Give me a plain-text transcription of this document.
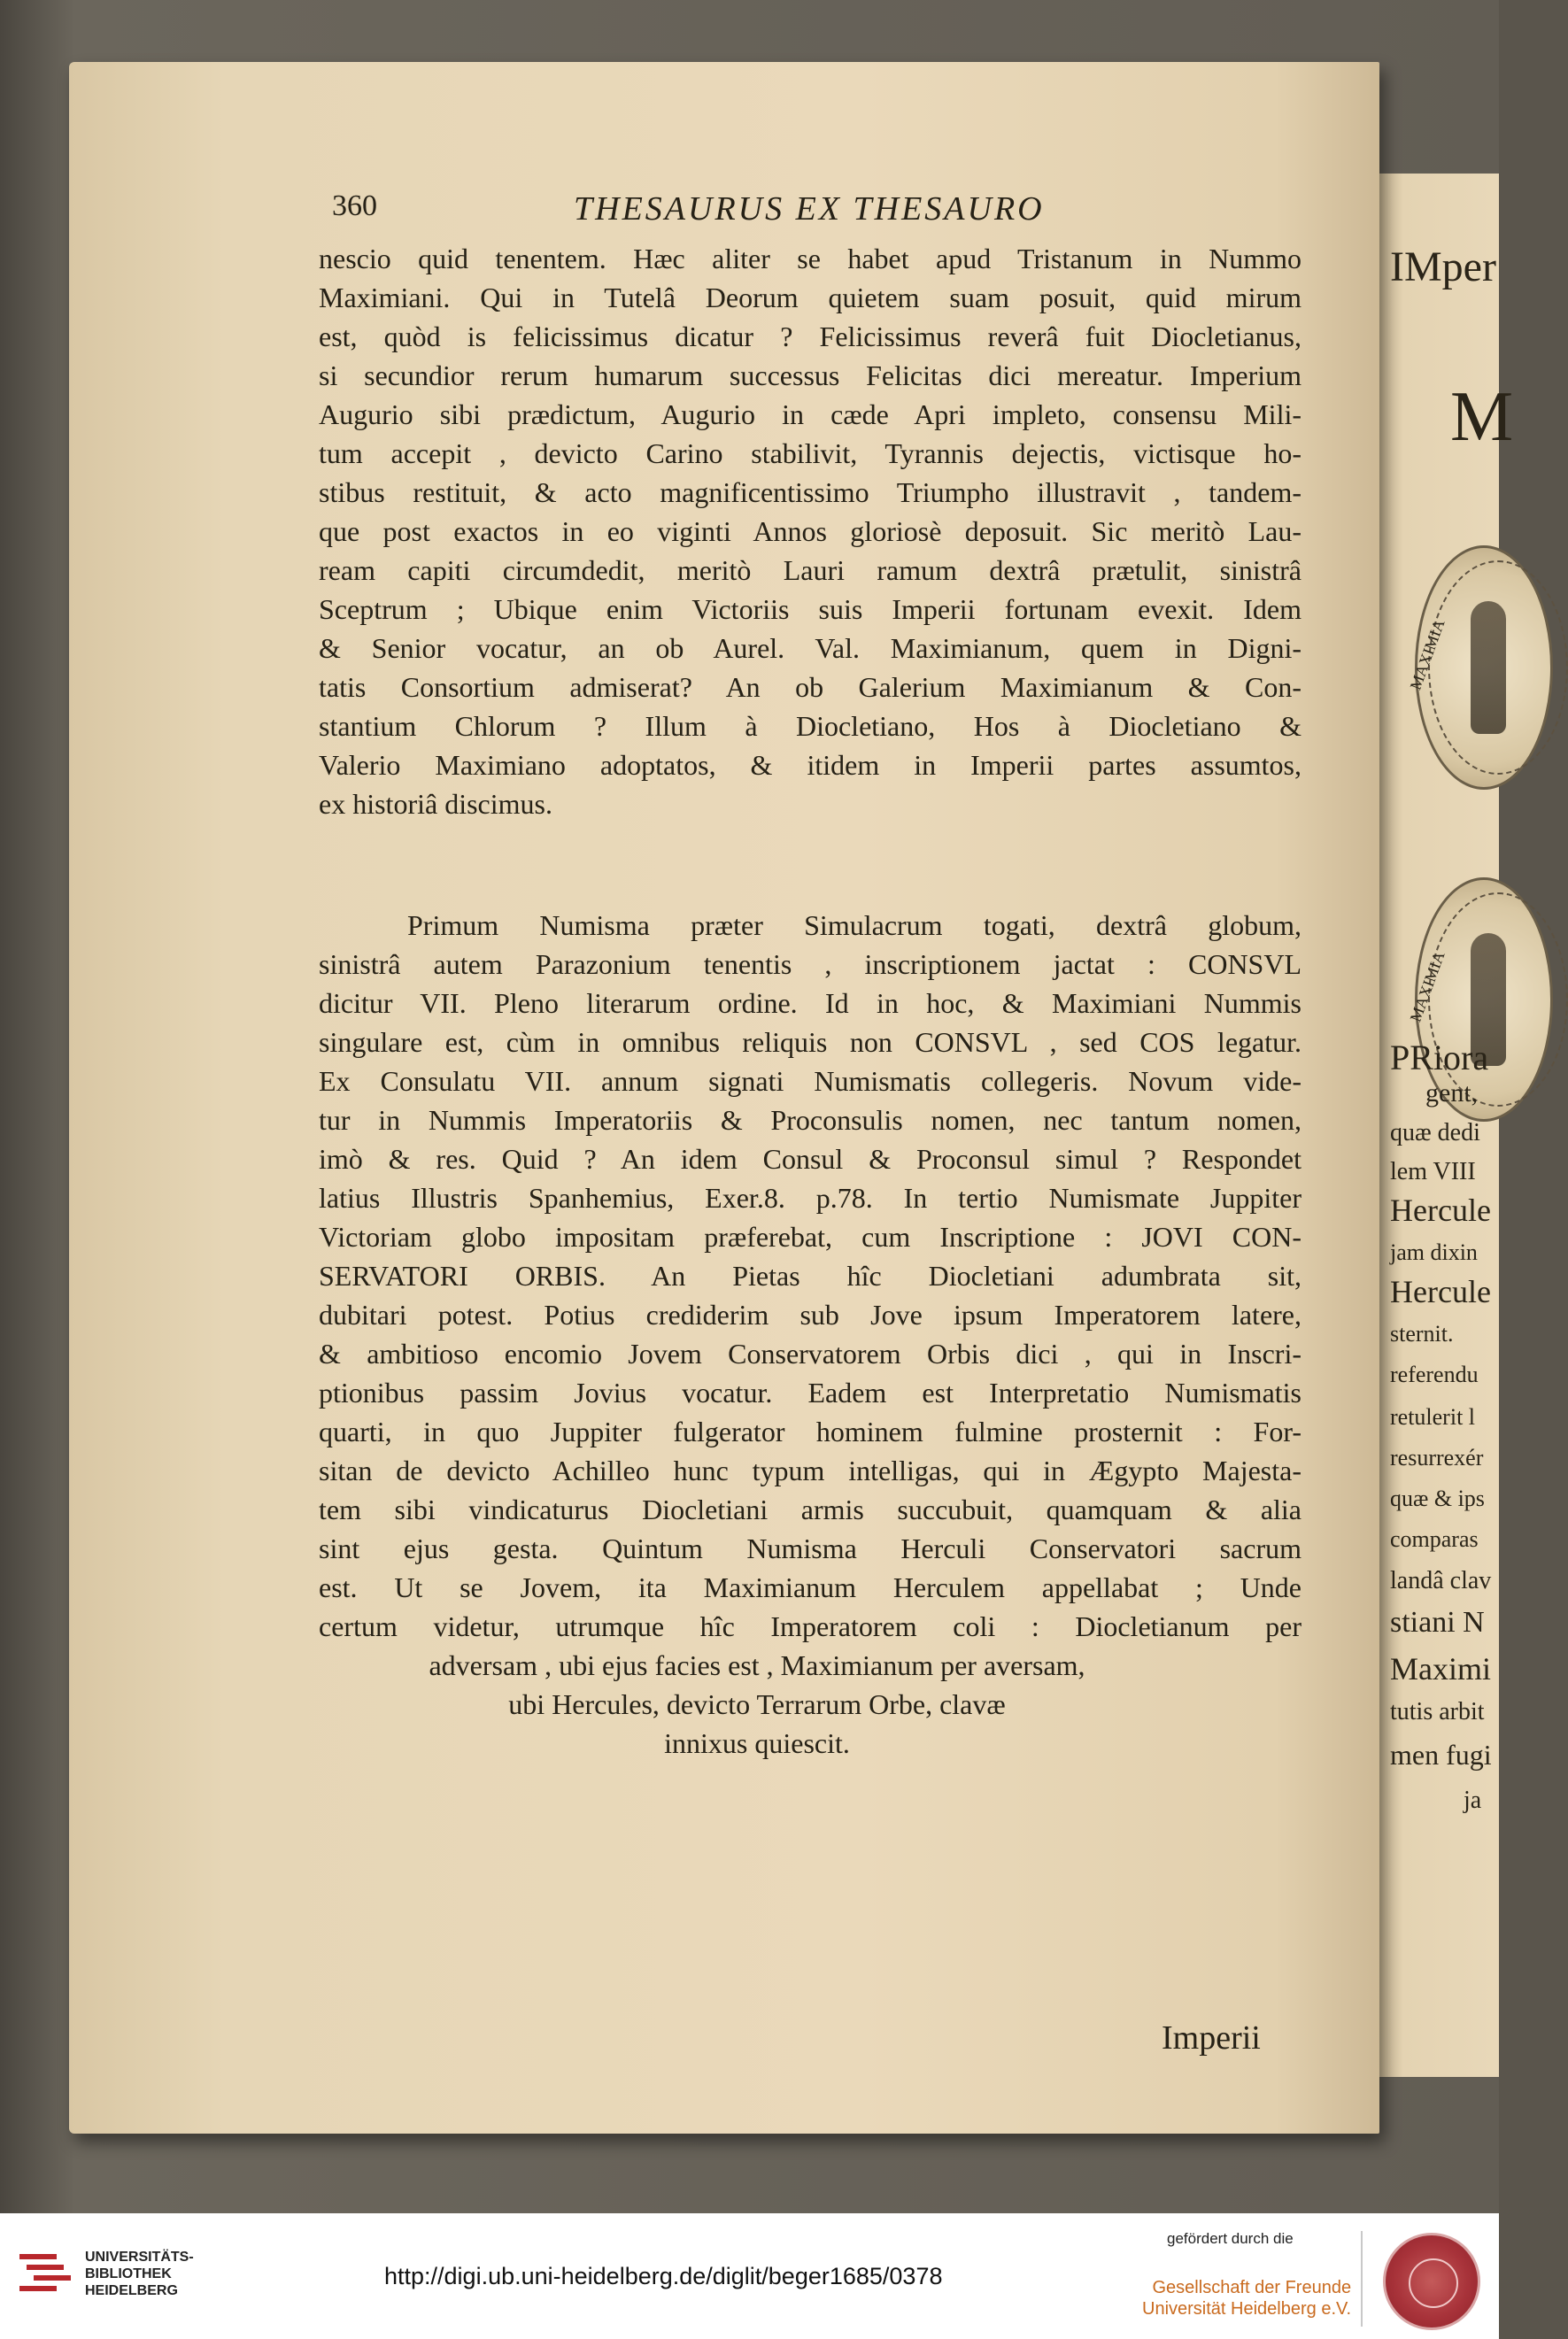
IMper
M
MAXIMIA
MAXIMIA
PRiora
gent,
quæ dedi
lem VIII
Hercule
jam dixin
Hercule
sternit.
referendu
retulerit l
resurrexér
quæ & ips
comparas
landâ clav
stiani N
Maximi
tutis arbit
men fugi
ja
360	THESAURUS EX THESAURO
nescio quid tenentem. Hæc aliter se habet apud Tristanum in Nummo
Maximiani. Qui in Tutelâ Deorum quietem suam posuit, quid mirum
est, quòd is felicissimus dicatur ? Felicissimus reverâ fuit Diocletianus,
si secundior rerum humarum successus Felicitas dici mereatur. Imperium
Augurio sibi prædictum, Augurio in cæde Apri impleto, consensu Mili-
tum accepit , devicto Carino stabilivit, Tyrannis dejectis, victisque ho-
stibus restituit, & acto magnificentissimo Triumpho illustravit , tandem-
que post exactos in eo viginti Annos gloriosè deposuit. Sic meritò Lau-
ream capiti circumdedit, meritò Lauri ramum dextrâ prætulit, sinistrâ
Sceptrum ; Ubique enim Victoriis suis Imperii fortunam evexit. Idem
& Senior vocatur, an ob Aurel. Val. Maximianum, quem in Digni-
tatis Consortium admiserat? An ob Galerium Maximianum & Con-
stantium Chlorum ? Illum à Diocletiano, Hos à Diocletiano &
Valerio Maximiano adoptatos, & itidem in Imperii partes assumtos,
ex historiâ discimus.
Primum Numisma præter Simulacrum togati, dextrâ globum,
sinistrâ autem Parazonium tenentis , inscriptionem jactat : CONSVL
dicitur VII. Pleno literarum ordine. Id in hoc, & Maximiani Nummis
singulare est, cùm in omnibus reliquis non CONSVL , sed COS legatur.
Ex Consulatu VII. annum signati Numismatis collegeris. Novum vide-
tur in Nummis Imperatoriis & Proconsulis nomen, nec tantum nomen,
imò & res. Quid ? An idem Consul & Proconsul simul ? Respondet
latius Illustris Spanhemius, Exer.8. p.78. In tertio Numismate Juppiter
Victoriam globo impositam præferebat, cum Inscriptione : JOVI CON-
SERVATORI ORBIS. An Pietas hîc Diocletiani adumbrata sit,
dubitari potest. Potius crediderim sub Jove ipsum Imperatorem latere,
& ambitioso encomio Jovem Conservatorem Orbis dici , qui in Inscri-
ptionibus passim Jovius vocatur. Eadem est Interpretatio Numismatis
quarti, in quo Juppiter fulgerator hominem fulmine prosternit : For-
sitan de devicto Achilleo hunc typum intelligas, qui in Ægypto Majesta-
tem sibi vindicaturus Diocletiani armis succubuit, quamquam & alia
sint ejus gesta. Quintum Numisma Herculi Conservatori sacrum
est. Ut se Jovem, ita Maximianum Herculem appellabat ; Unde
certum videtur, utrumque hîc Imperatorem coli : Diocletianum per
adversam , ubi ejus facies est , Maximianum per aversam,
ubi Hercules, devicto Terrarum Orbe, clavæ
innixus quiescit.
Imperii
UNIVERSITÄTS-
BIBLIOTHEK
HEIDELBERG
http://digi.ub.uni-heidelberg.de/diglit/beger1685/0378
gefördert durch die
Gesellschaft der Freunde
Universität Heidelberg e.V.
